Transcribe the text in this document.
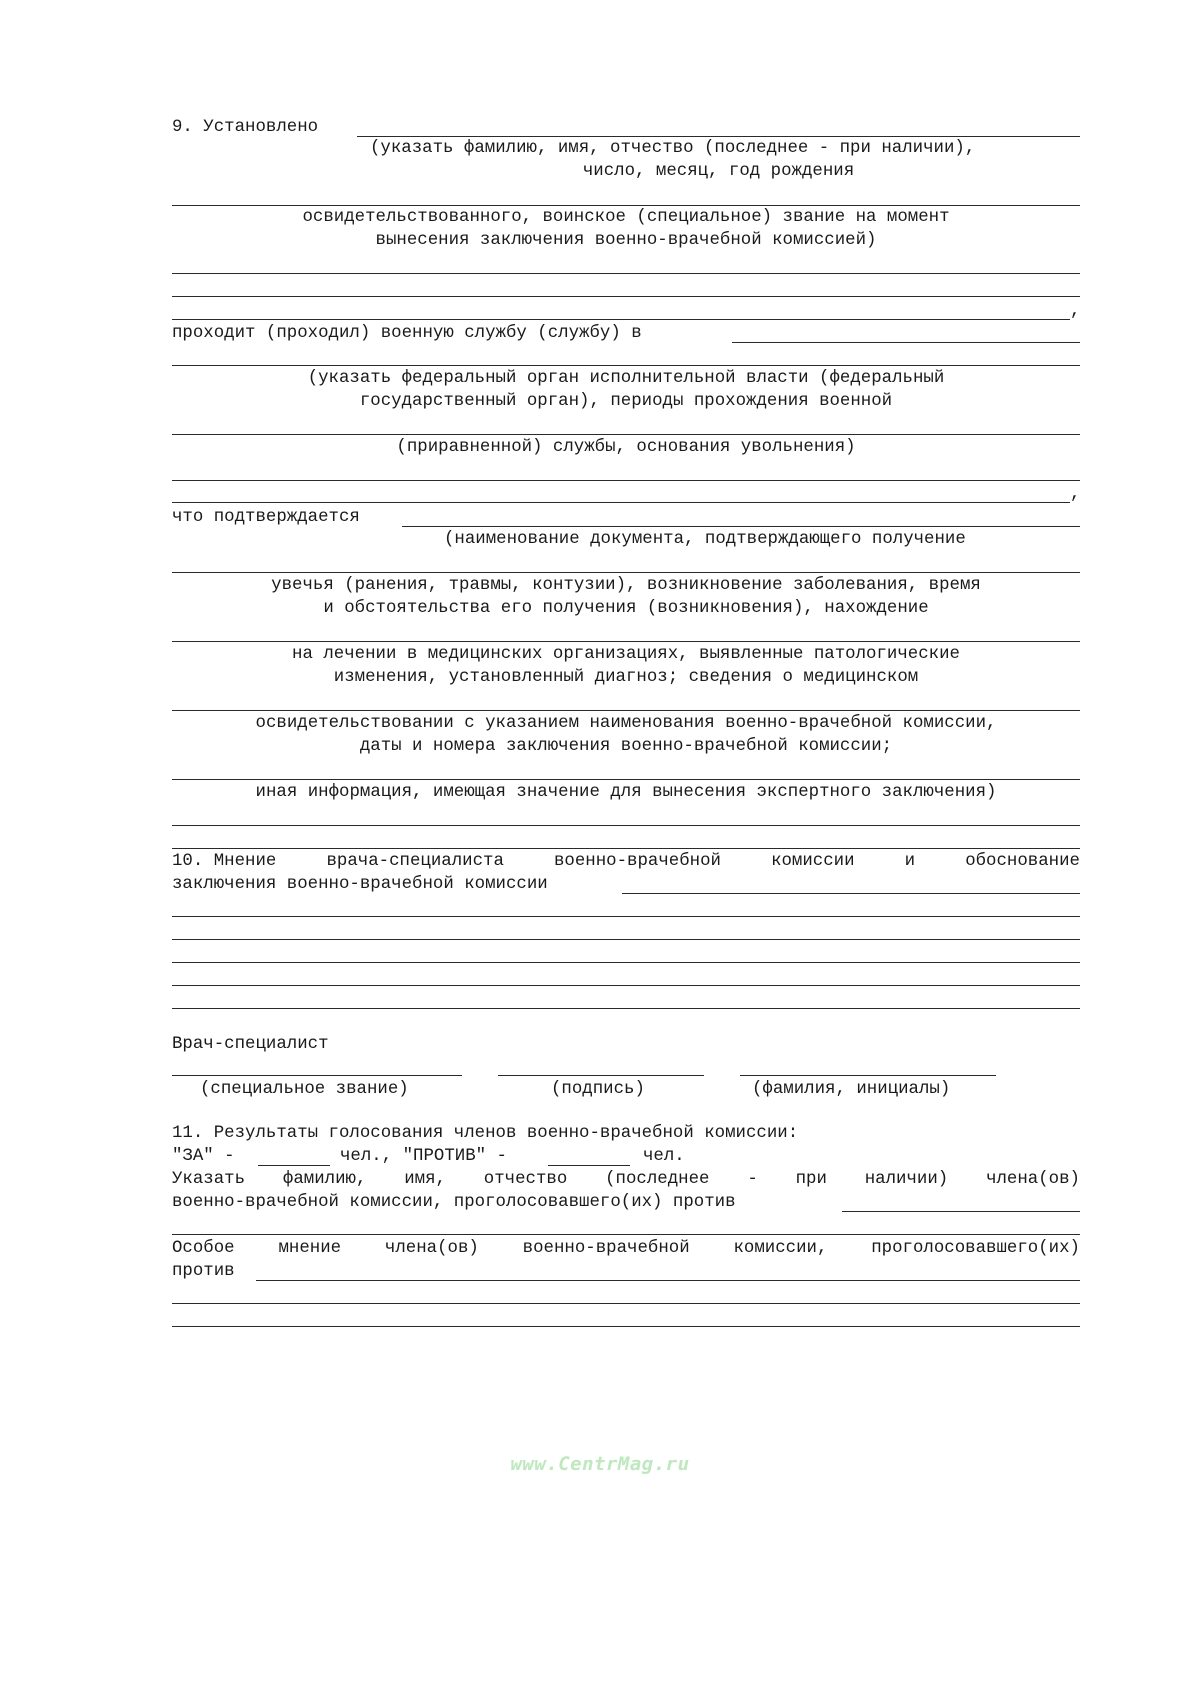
9. Установлено
(указать фамилию, имя, отчество (последнее - при наличии),
число, месяц, год рождения
освидетельствованного, воинское (специальное) звание на момент
вынесения заключения военно-врачебной комиссией)
,
проходит (проходил) военную службу (службу) в
(указать федеральный орган исполнительной власти (федеральный
государственный орган), периоды прохождения военной
(приравненной) службы, основания увольнения)
,
что подтверждается
(наименование документа, подтверждающего получение
увечья (ранения, травмы, контузии), возникновение заболевания, время
и обстоятельства его получения (возникновения), нахождение
на лечении в медицинских организациях, выявленные патологические
изменения, установленный диагноз; сведения о медицинском
освидетельствовании с указанием наименования военно-врачебной комиссии,
даты и номера заключения военно-врачебной комиссии;
иная информация, имеющая значение для вынесения экспертного заключения)
10. Мнение	врача-специалиста	военно-врачебной	комиссии	и	обоснование
заключения военно-врачебной комиссии
Врач-специалист
(специальное звание)	(подпись)	(фамилия, инициалы)
11. Результаты голосования членов военно-врачебной комиссии:
"ЗА" -	чел., "ПРОТИВ" -	чел.
Указать фамилию, имя, отчество (последнее - при наличии) члена(ов)
военно-врачебной комиссии, проголосовавшего(их) против
Особое	мнение	члена(ов)	военно-врачебной	комиссии,	проголосовавшего(их)
против
www.CentrMag.ru
